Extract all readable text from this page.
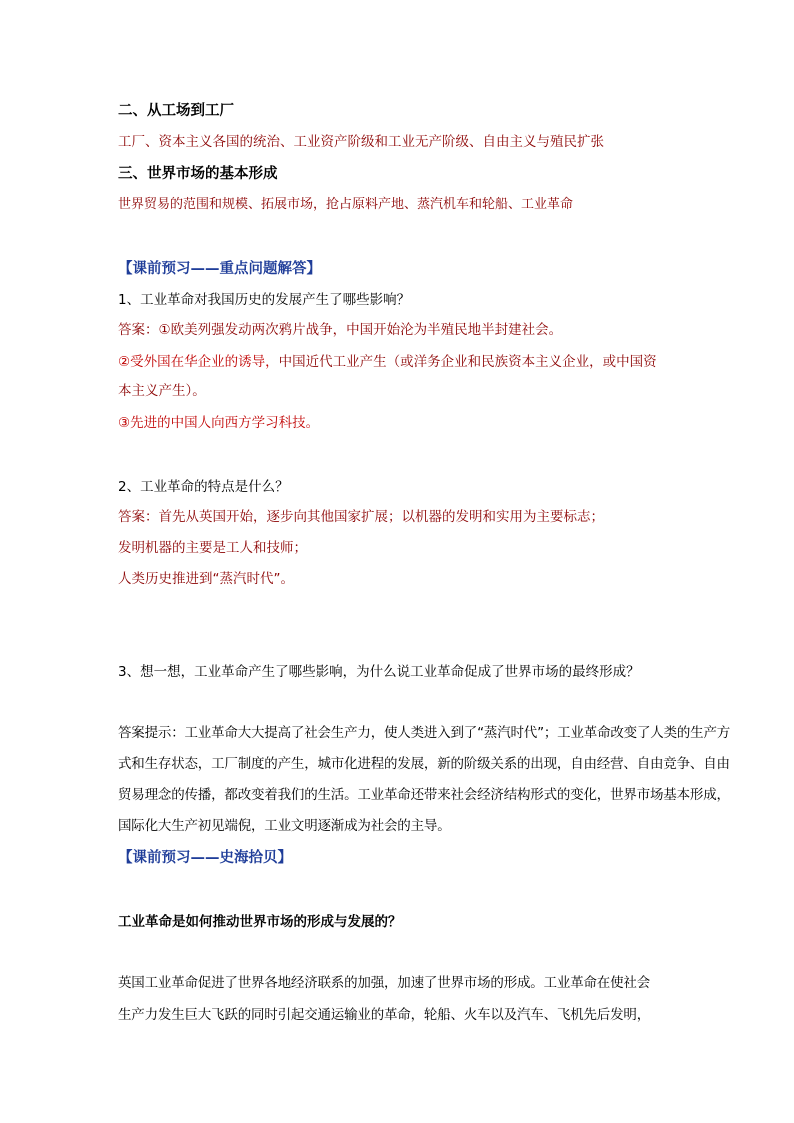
二、从工场到工厂
工厂、资本主义各国的统治、工业资产阶级和工业无产阶级、自由主义与殖民扩张
三、世界市场的基本形成
世界贸易的范围和规模、拓展市场，抢占原料产地、蒸汽机车和轮船、工业革命
【课前预习——重点问题解答】
1、工业革命对我国历史的发展产生了哪些影响？
答案：①欧美列强发动两次鸦片战争，中国开始沦为半殖民地半封建社会。
②受外国在华企业的诱导，中国近代工业产生（或洋务企业和民族资本主义企业，或中国资
本主义产生）。
③先进的中国人向西方学习科技。
2、工业革命的特点是什么？
答案：首先从英国开始，逐步向其他国家扩展；以机器的发明和实用为主要标志；
发明机器的主要是工人和技师；
人类历史推进到“蒸汽时代”。
3、想一想，工业革命产生了哪些影响，为什么说工业革命促成了世界市场的最终形成？
答案提示：工业革命大大提高了社会生产力，使人类进入到了“蒸汽时代”；工业革命改变了人类的生产方
式和生存状态，工厂制度的产生，城市化进程的发展，新的阶级关系的出现，自由经营、自由竞争、自由
贸易理念的传播，都改变着我们的生活。工业革命还带来社会经济结构形式的变化，世界市场基本形成，
国际化大生产初见端倪，工业文明逐渐成为社会的主导。
【课前预习——史海拾贝】
工业革命是如何推动世界市场的形成与发展的？
英国工业革命促进了世界各地经济联系的加强，加速了世界市场的形成。工业革命在使社会
生产力发生巨大飞跃的同时引起交通运输业的革命，轮船、火车以及汽车、飞机先后发明，
